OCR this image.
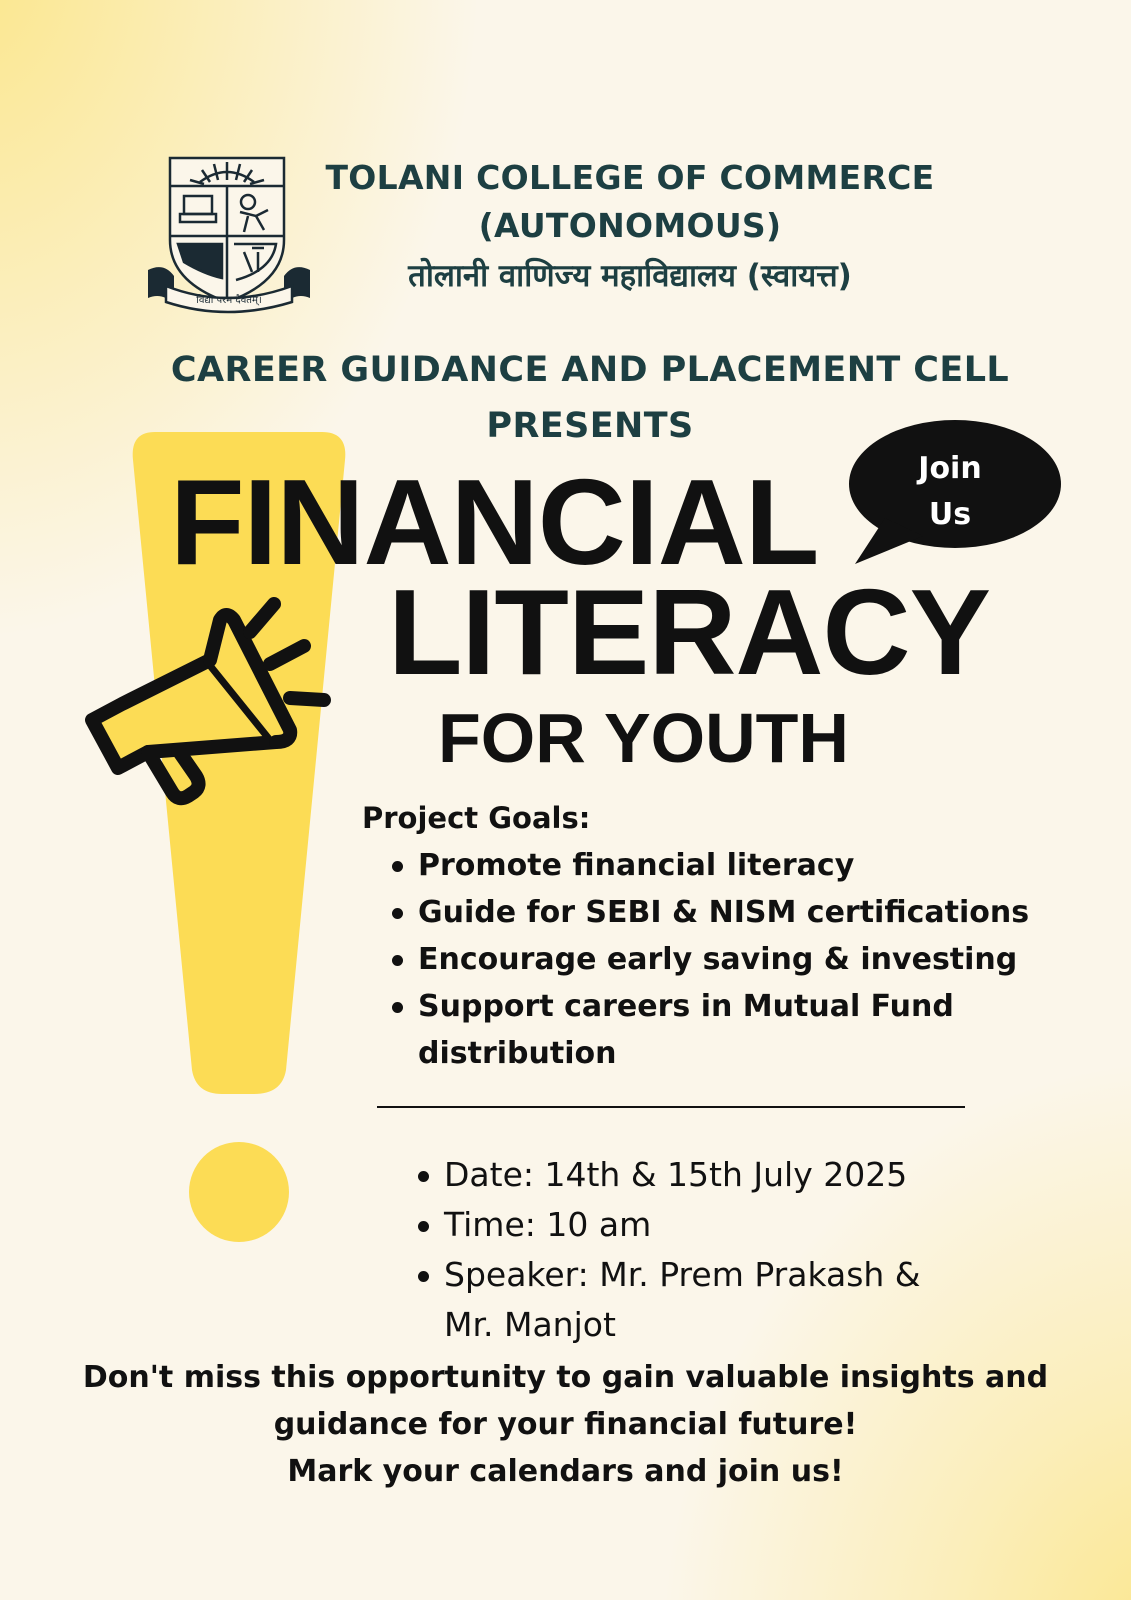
विद्या परम दैवतम्।
TOLANI COLLEGE OF COMMERCE
(AUTONOMOUS)
तोलानी वाणिज्य महाविद्यालय (स्वायत्त)
CAREER GUIDANCE AND PLACEMENT CELL
PRESENTS
Join
Us
FINANCIAL
LITERACY
FOR YOUTH
Project Goals:
Promote financial literacy
Guide for SEBI & NISM certifications
Encourage early saving & investing
Support careers in Mutual Fund distribution
Date: 14th & 15th July 2025
Time: 10 am
Speaker: Mr. Prem Prakash & Mr. Manjot
Don't miss this opportunity to gain valuable insights and
guidance for your financial future!
Mark your calendars and join us!
